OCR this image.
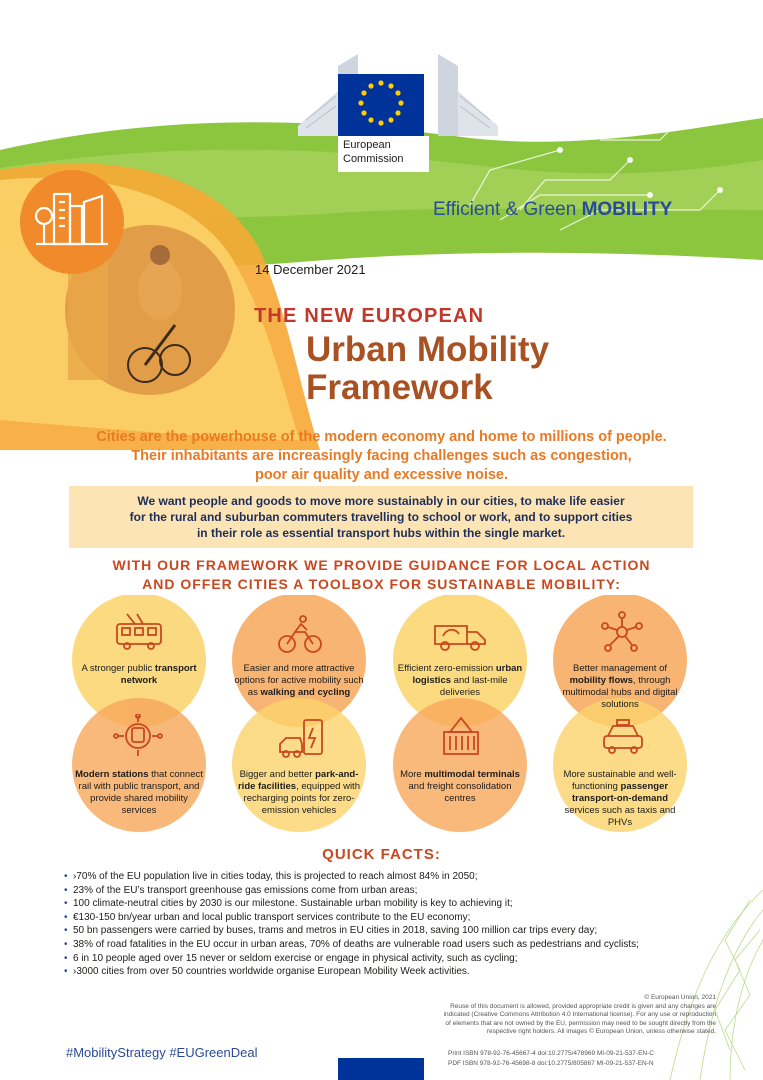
European
Commission
Efficient & Green MOBILITY
14 December 2021
THE NEW EUROPEAN
Urban Mobility
Framework
Cities are the powerhouse of the modern economy and home to millions of people.
Their inhabitants are increasingly facing challenges such as congestion,
poor air quality and excessive noise.
We want people and goods to move more sustainably in our cities, to make life easier
for the rural and suburban commuters travelling to school or work, and to support cities
in their role as essential transport hubs within the single market.
WITH OUR FRAMEWORK WE PROVIDE GUIDANCE FOR LOCAL ACTION
AND OFFER CITIES A TOOLBOX FOR SUSTAINABLE MOBILITY:
A stronger public transport network
Easier and more attractive options for active mobility such as walking and cycling
Efficient zero-emission urban logistics and last-mile deliveries
Better management of mobility flows, through multimodal hubs and digital solutions
Modern stations that connect rail with public transport, and provide shared mobility services
Bigger and better park-and-ride facilities, equipped with recharging points for zero-emission vehicles
More multimodal terminals and freight consolidation centres
More sustainable and well-functioning passenger transport-on-demand services such as taxis and PHVs
QUICK FACTS:
• ›70% of the EU population live in cities today, this is projected to reach almost 84% in 2050;
• 23% of the EU’s transport greenhouse gas emissions come from urban areas;
• 100 climate-neutral cities by 2030 is our milestone. Sustainable urban mobility is key to achieving it;
• €130-150 bn/year urban and local public transport services contribute to the EU economy;
• 50 bn passengers were carried by buses, trams and metros in EU cities in 2018, saving 100 million car trips every day;
• 38% of road fatalities in the EU occur in urban areas, 70% of deaths are vulnerable road users such as pedestrians and cyclists;
• 6 in 10 people aged over 15 never or seldom exercise or engage in physical activity, such as cycling;
• ›3000 cities from over 50 countries worldwide organise European Mobility Week activities.
© European Union, 2021
Reuse of this document is allowed, provided appropriate credit is given and any changes are
indicated (Creative Commons Attribution 4.0 International license). For any use or reproduction
of elements that are not owned by the EU, permission may need to be sought directly from the
respective right holders. All images © European Union, unless otherwise stated.
#MobilityStrategy #EUGreenDeal	Print ISBN 978-92-76-45667-4 doi:10.2775/478969 MI-09-21-537-EN-C
PDF ISBN 978-92-76-45698-8 doi:10.2775/805867 MI-09-21-537-EN-N
